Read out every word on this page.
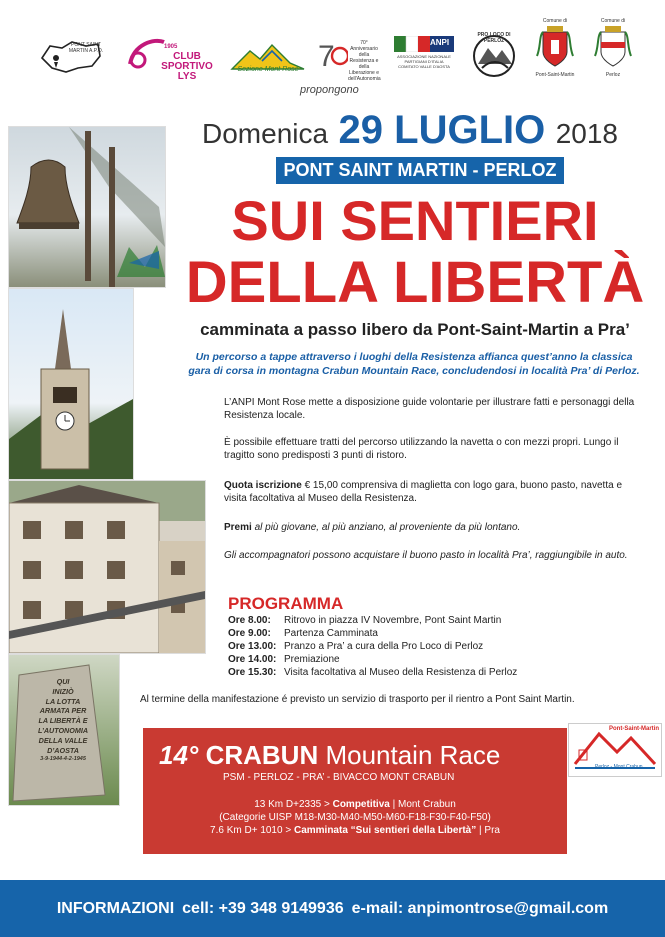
PONT SAINT MARTIN A.P.O.
1905
CLUB SPORTIVO LYS
Sezione Mont Rose 7	70° Anniversario della Resistenza e della Liberazione e dell'Autonomia
ANPI
ASSOCIAZIONE NAZIONALE PARTIGIANI D'ITALIA COMITATO VALLE D'AOSTA
PRO LOCO DI PERLOZ
Comune di
Pont-Saint-Martin
Comune di
Perloz
propongono
QUI
INIZIÒ
LA LOTTA
ARMATA PER
LA LIBERTÀ E
L’AUTONOMIA
DELLA VALLE
D’AOSTA
3-9-1944-4-2-1945
Domenica 29 LUGLIO 2018
PONT SAINT MARTIN - PERLOZ
SUI SENTIERI
DELLA LIBERTÀ
camminata a passo libero da Pont-Saint-Martin a Pra’
Un percorso a tappe attraverso i luoghi della Resistenza affianca quest’anno la classica gara di corsa in montagna Crabun Mountain Race, concludendosi in località Pra’ di Perloz.
L’ANPI Mont Rose mette a disposizione guide volontarie per illustrare fatti e personaggi della Resistenza locale.
È possibile effettuare tratti del percorso utilizzando la navetta o con mezzi propri. Lungo il tragitto sono predisposti 3 punti di ristoro.
Quota iscrizione € 15,00 comprensiva di maglietta con logo gara, buono pasto, navetta e visita facoltativa al Museo della Resistenza.
Premi al più giovane, al più anziano, al proveniente da più lontano.
Gli accompagnatori possono acquistare il buono pasto in località Pra’, raggiungibile in auto.
PROGRAMMA
Ore 8.00: Ritrovo in piazza IV Novembre, Pont Saint Martin
Ore 9.00: Partenza Camminata
Ore 13.00: Pranzo a Pra’ a cura della Pro Loco di Perloz
Ore 14.00: Premiazione
Ore 15.30: Visita facoltativa al Museo della Resistenza di Perloz
Al termine della manifestazione é previsto un servizio di trasporto per il rientro a Pont Saint Martin.
14° CRABUN Mountain Race
PSM - PERLOZ - PRA’ - BIVACCO MONT CRABUN
13 Km D+2335 > Competitiva | Mont Crabun
(Categorie UISP M18-M30-M40-M50-M60-F18-F30-F40-F50)
7.6 Km D+ 1010 > Camminata “Sui sentieri della Libertà” | Pra
Pont-Saint-Martin
Perloz - Mont Crabun
INFORMAZIONI cell: +39 348 9149936 e-mail: anpimontrose@gmail.com
